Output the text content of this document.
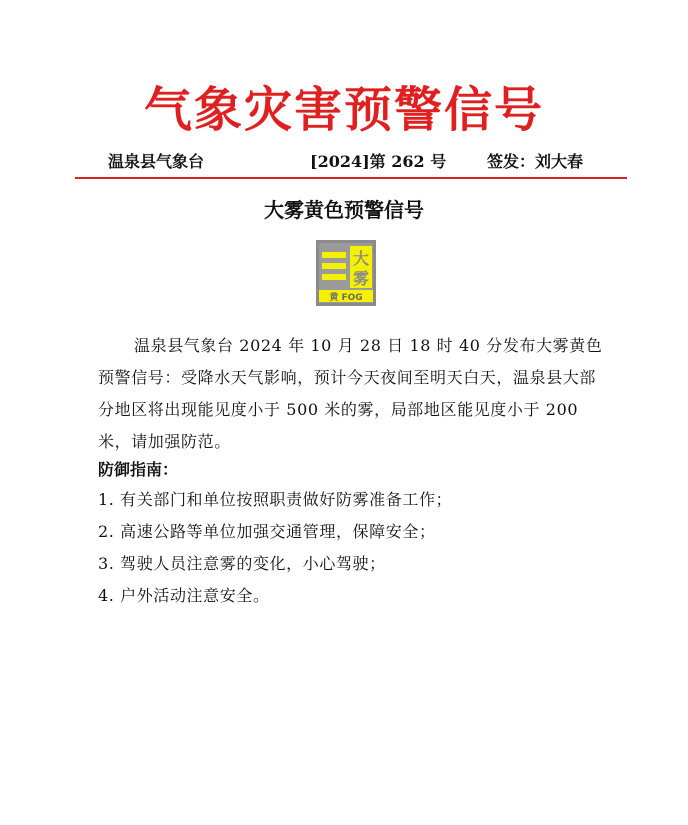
气象灾害预警信号
温泉县气象台	[2024]第 262 号	签发：刘大春
大雾黄色预警信号
大
雾
黄 FOG
温泉县气象台 2024 年 10 月 28 日 18 时 40 分发布大雾黄色预警信号：受降水天气影响，预计今天夜间至明天白天，温泉县大部分地区将出现能见度小于 500 米的雾，局部地区能见度小于 200 米，请加强防范。
防御指南：
1. 有关部门和单位按照职责做好防雾准备工作；
2. 高速公路等单位加强交通管理，保障安全；
3. 驾驶人员注意雾的变化，小心驾驶；
4. 户外活动注意安全。
